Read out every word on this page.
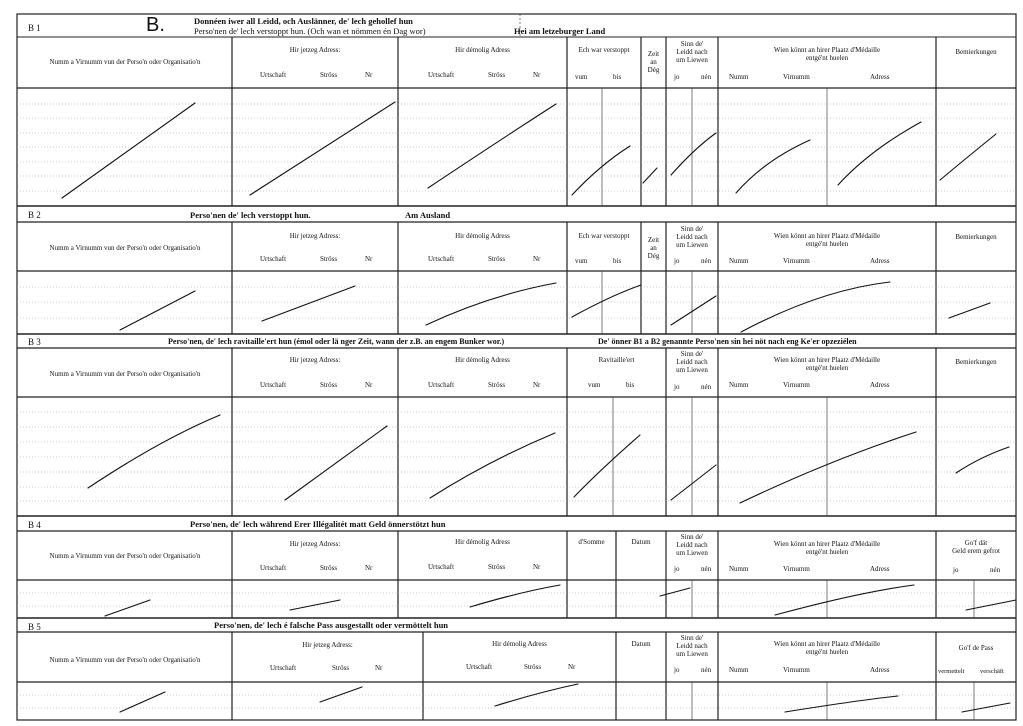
B 1	B.	Donnéen iwer all Leidd, och Auslänner, de' lech gehollef hun
Perso'nen de' lech verstoppt hun. (Och wan et nömmen én Dag wor)	Hei am letzeburger Land
Numm a Virnumm vun der Perso'n oder Organisatio'n
Hir jetzeg Adress:
Urtschaft	Ströss	Nr
Hir démolig Adress
Urtschaft	Ströss	Nr
Ech war verstoppt
vum	bis
Zeit
an
Dég
Sinn de'
Leidd nach
um Liewen
jo	nén
Wien könnt an hirer Plaatz d'Médaille
entgé'nt huelen
Numm	Virnumm	Adress
Bemierkungen
B 2	Perso'nen de' lech verstoppt hun.	Am Ausland
Numm a Virnumm vun der Perso'n oder Organisatio'n
Hir jetzeg Adress:
Urtschaft	Ströss	Nr
Hir démolig Adress
Urtschaft	Ströss	Nr
Ech war verstoppt
vum	bis
Zeit
an
Dég
Sinn de'
Leidd nach
um Liewen
jo	nén
Wien könnt an hirer Plaatz d'Médaille
entgé'nt huelen
Numm	Virnumm	Adress
Bemierkungen
B 3	Perso'nen, de' lech ravitaille'ert hun (émol oder lä nger Zeit, wann der z.B. an engem Bunker wor.)	De' önner B1 a B2 genannte Perso'nen sin hei nöt nach eng Ke'er opzeziélen
Numm a Virnumm vun der Perso'n oder Organisatio'n
Hir jetzeg Adress:
Urtschaft	Ströss	Nr
Hir démolig Adress
Urtschaft	Ströss	Nr
Ravitaille'ert
vum	bis
Sinn de'
Leidd nach
um Liewen
jo	nén
Wien könnt an hirer Plaatz d'Médaille
entgé'nt huelen
Numm	Virnumm	Adress
Bemierkungen
B 4	Perso'nen, de' lech während Erer Illégalitét matt Geld önnerstötzt hun
Numm a Virnumm vun der Perso'n oder Organisatio'n
Hir jetzeg Adress:
Urtschaft	Ströss	Nr
Hir démolig Adress
Urtschaft	Ströss	Nr
d'Somme	Datum
Sinn de'
Leidd nach
um Liewen
jo	nén
Wien könnt an hirer Plaatz d'Médaille
entgé'nt huelen
Numm	Virnumm	Adress
Go'f dät
Geld erem gefrot
jo	nén
B 5	Perso'nen, de' lech é falsche Pass ausgestallt oder vermöttelt hun
Numm a Virnumm vun der Perso'n oder Organisatio'n
Hir jetzeg Adress:
Urtschaft	Ströss	Nr
Hir démolig Adress
Urtschaft	Ströss	Nr
Datum
Sinn de'
Leidd nach
um Liewen
jo	nén
Wien könnt an hirer Plaatz d'Médaille
entgé'nt huelen
Numm	Virnumm	Adress
Go'f de Pass
vermettelt verschäft
